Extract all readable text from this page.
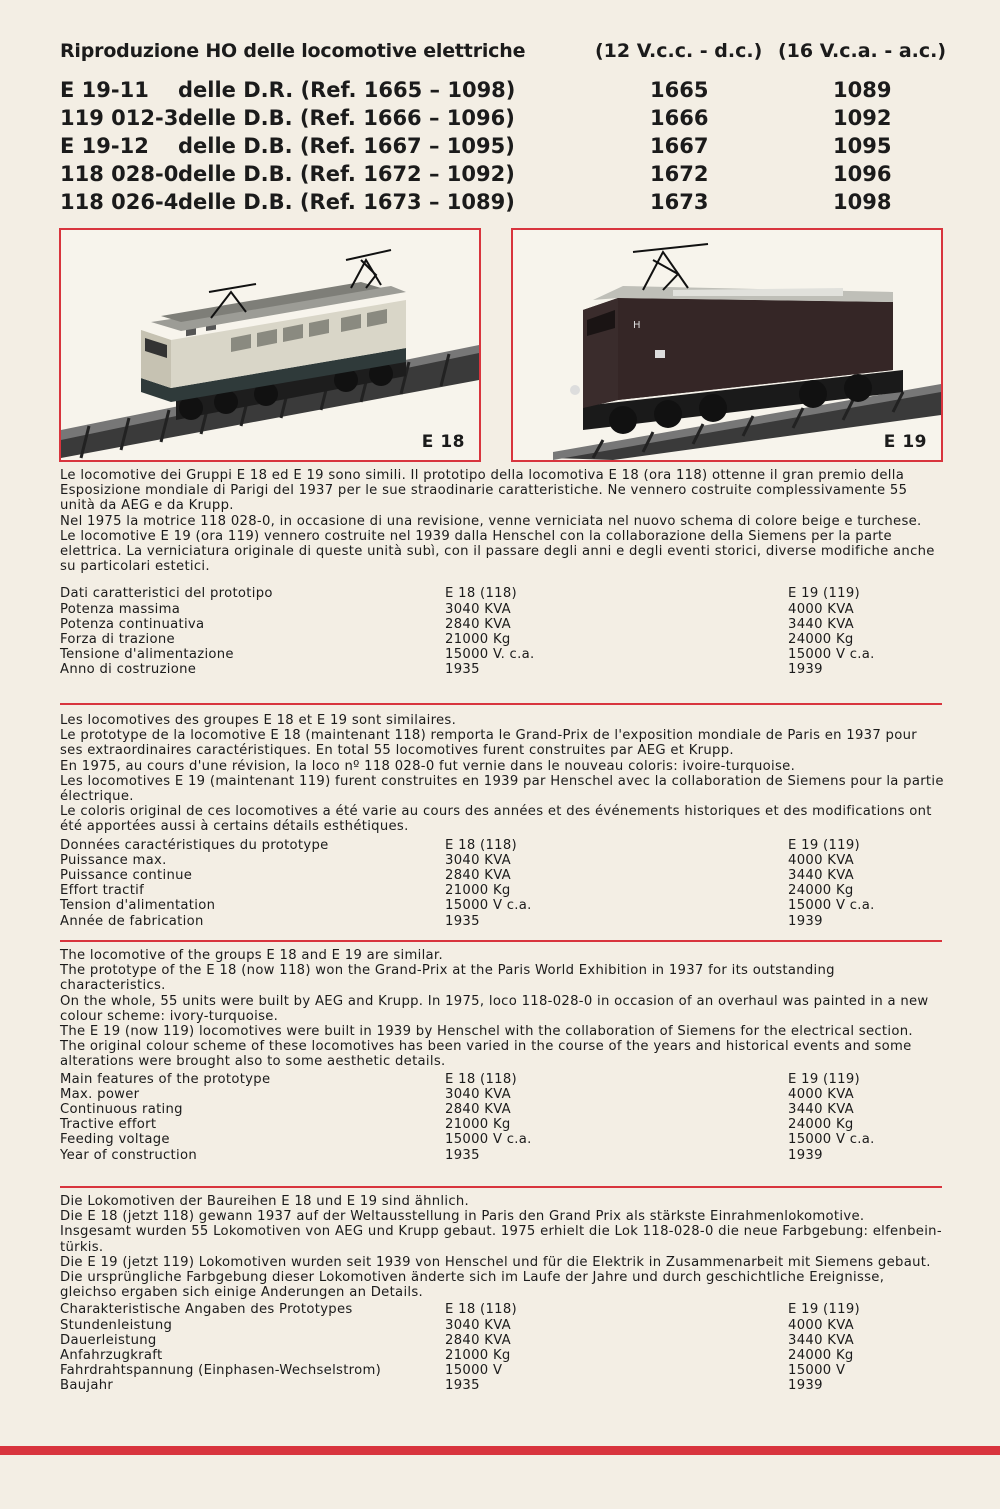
Riproduzione HO delle locomotive elettriche	(12 V.c.c. - d.c.) (16 V.c.a. - a.c.)
E 19-11 delle D.R. (Ref. 1665 – 1098)	1665	1089
119 012-3 delle D.B. (Ref. 1666 – 1096)	1666	1092
E 19-12 delle D.B. (Ref. 1667 – 1095)	1667	1095
118 028-0 delle D.B. (Ref. 1672 – 1092)	1672	1096
118 026-4 delle D.B. (Ref. 1673 – 1089)	1673	1098
E 18
H
E 19

Le locomotive dei Gruppi E 18 ed E 19 sono simili. Il prototipo della locomotiva E 18 (ora 118) ottenne il gran premio della Esposizione mondiale di Parigi del 1937 per le sue straodinarie caratteristiche. Ne vennero costruite complessivamente 55 unità da AEG e da Krupp.

Nel 1975 la motrice 118 028-0, in occasione di una revisione, venne verniciata nel nuovo schema di colore beige e turchese.

Le locomotive E 19 (ora 119) vennero costruite nel 1939 dalla Henschel con la collaborazione della Siemens per la parte elettrica. La verniciatura originale di queste unità subì, con il passare degli anni e degli eventi storici, diverse modifiche anche su particolari estetici.

Dati caratteristici del prototipo	E 18 (118)	E 19 (119)
Potenza massima	3040 KVA	4000 KVA
Potenza continuativa	2840 KVA	3440 KVA
Forza di trazione	21000 Kg	24000 Kg
Tensione d'alimentazione	15000 V. c.a.	15000 V c.a.
Anno di costruzione	1935	1939

Les locomotives des groupes E 18 et E 19 sont similaires.

Le prototype de la locomotive E 18 (maintenant 118) remporta le Grand-Prix de l'exposition mondiale de Paris en 1937 pour ses extraordinaires caractéristiques. En total 55 locomotives furent construites par AEG et Krupp.

En 1975, au cours d'une révision, la loco nº 118 028-0 fut vernie dans le nouveau coloris: ivoire-turquoise.

Les locomotives E 19 (maintenant 119) furent construites en 1939 par Henschel avec la collaboration de Siemens pour la partie électrique.

Le coloris original de ces locomotives a été varie au cours des années et des événements historiques et des modifications ont été apportées aussi à certains détails esthétiques.

Données caractéristiques du prototype	E 18 (118)	E 19 (119)
Puissance max.	3040 KVA	4000 KVA
Puissance continue	2840 KVA	3440 KVA
Effort tractif	21000 Kg	24000 Kg
Tension d'alimentation	15000 V c.a.	15000 V c.a.
Année de fabrication	1935	1939

The locomotive of the groups E 18 and E 19 are similar.

The prototype of the E 18 (now 118) won the Grand-Prix at the Paris World Exhibition in 1937 for its outstanding characteristics.

On the whole, 55 units were built by AEG and Krupp. In 1975, loco 118-028-0 in occasion of an overhaul was painted in a new colour scheme: ivory-turquoise.

The E 19 (now 119) locomotives were built in 1939 by Henschel with the collaboration of Siemens for the electrical section.

The original colour scheme of these locomotives has been varied in the course of the years and historical events and some alterations were brought also to some aesthetic details.

Main features of the prototype	E 18 (118)	E 19 (119)
Max. power	3040 KVA	4000 KVA
Continuous rating	2840 KVA	3440 KVA
Tractive effort	21000 Kg	24000 Kg
Feeding voltage	15000 V c.a.	15000 V c.a.
Year of construction	1935	1939

Die Lokomotiven der Baureihen E 18 und E 19 sind ähnlich.

Die E 18 (jetzt 118) gewann 1937 auf der Weltausstellung in Paris den Grand Prix als stärkste Einrahmenlokomotive.

Insgesamt wurden 55 Lokomotiven von AEG und Krupp gebaut. 1975 erhielt die Lok 118-028-0 die neue Farbgebung: elfenbein-türkis.

Die E 19 (jetzt 119) Lokomotiven wurden seit 1939 von Henschel und für die Elektrik in Zusammenarbeit mit Siemens gebaut.

Die ursprüngliche Farbgebung dieser Lokomotiven änderte sich im Laufe der Jahre und durch geschichtliche Ereignisse, gleichso ergaben sich einige Anderungen an Details.

Charakteristische Angaben des Prototypes	E 18 (118)	E 19 (119)
Stundenleistung	3040 KVA	4000 KVA
Dauerleistung	2840 KVA	3440 KVA
Anfahrzugkraft	21000 Kg	24000 Kg
Fahrdrahtspannung (Einphasen-Wechselstrom)	15000 V	15000 V
Baujahr	1935	1939
